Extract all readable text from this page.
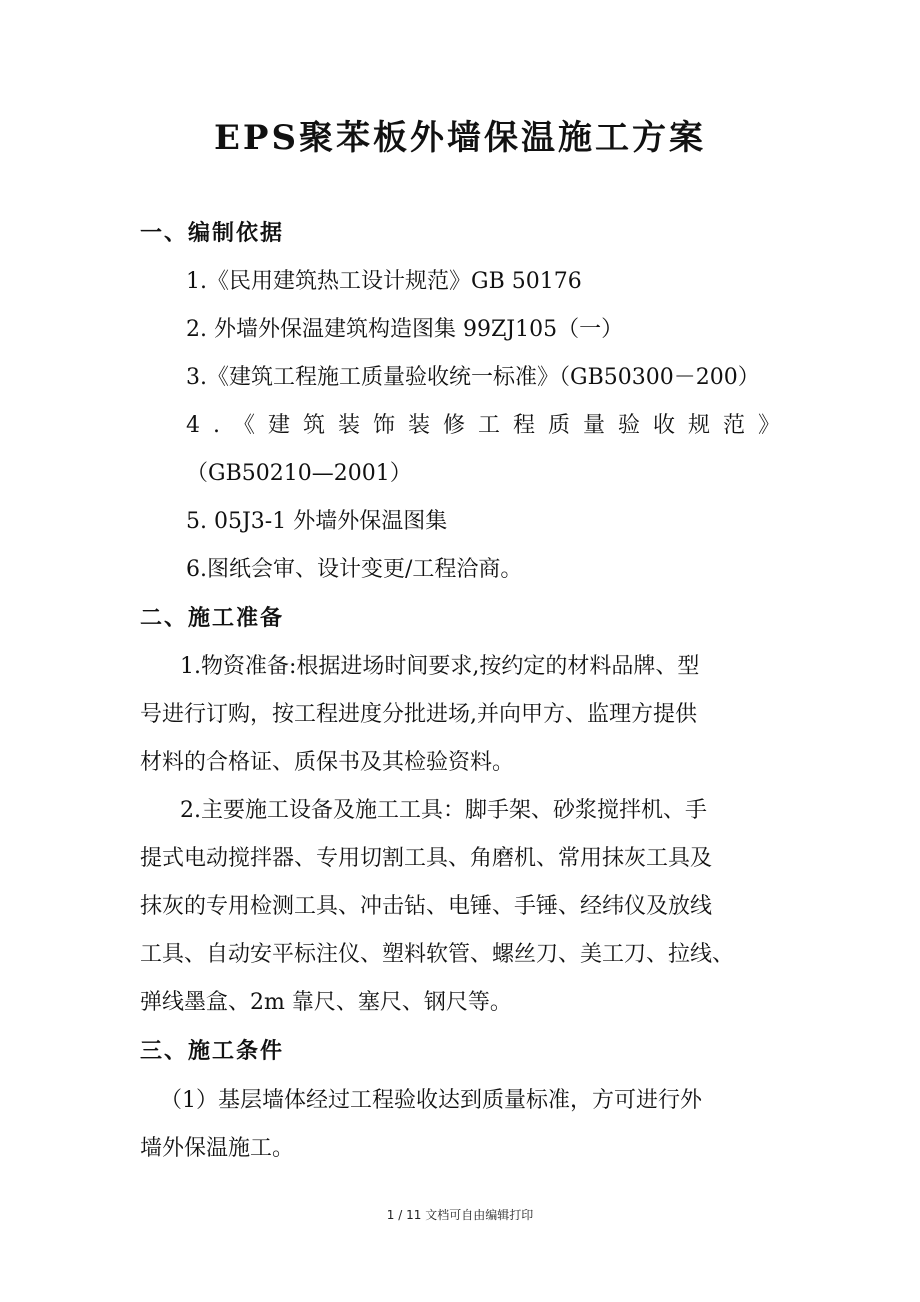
EPS聚苯板外墙保温施工方案
一、编制依据
1.《民用建筑热工设计规范》GB 50176
2. 外墙外保温建筑构造图集 99ZJ105（一）
3.《建筑工程施工质量验收统一标准》（GB50300－200）
4 . 《 建 筑 装 饰 装 修 工 程 质 量 验 收 规 范 》
（GB50210—2001）
5. 05J3-1 外墙外保温图集
6.图纸会审、设计变更/工程洽商。
二、施工准备
1.物资准备:根据进场时间要求,按约定的材料品牌、型
号进行订购，按工程进度分批进场,并向甲方、监理方提供
材料的合格证、质保书及其检验资料。
2.主要施工设备及施工工具：脚手架、砂浆搅拌机、手
提式电动搅拌器、专用切割工具、角磨机、常用抹灰工具及
抹灰的专用检测工具、冲击钻、电锤、手锤、经纬仪及放线
工具、自动安平标注仪、塑料软管、螺丝刀、美工刀、拉线、
弹线墨盒、2m 靠尺、塞尺、钢尺等。
三、施工条件
（1）基层墙体经过工程验收达到质量标准，方可进行外
墙外保温施工。
1 / 11 文档可自由编辑打印
